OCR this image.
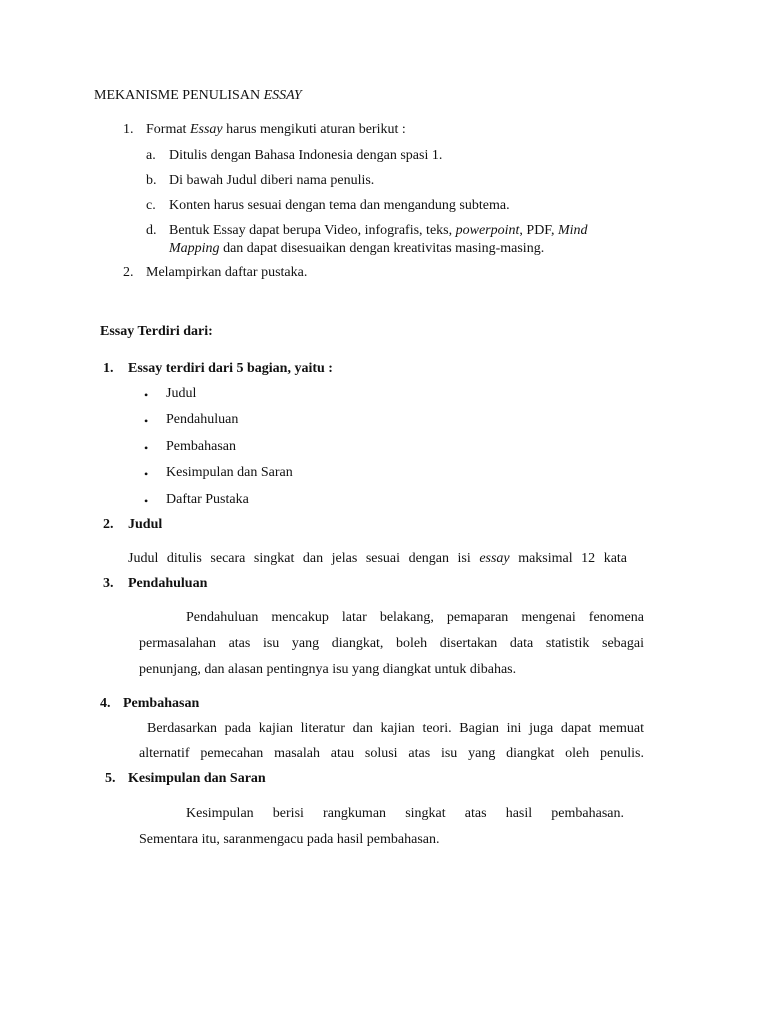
MEKANISME PENULISAN ESSAY
1. Format Essay harus mengikuti aturan berikut :
a. Ditulis dengan Bahasa Indonesia dengan spasi 1.
b. Di bawah Judul diberi nama penulis.
c. Konten harus sesuai dengan tema dan mengandung subtema.
d. Bentuk Essay dapat berupa Video, infografis, teks, powerpoint, PDF, Mind
Mapping dan dapat disesuaikan dengan kreativitas masing-masing.
2. Melampirkan daftar pustaka.
Essay Terdiri dari:
1. Essay terdiri dari 5 bagian, yaitu :
• Judul
• Pendahuluan
• Pembahasan
• Kesimpulan dan Saran
• Daftar Pustaka
2. Judul
Judul ditulis secara singkat dan jelas sesuai dengan isi essay maksimal 12 kata
3. Pendahuluan
Pendahuluan mencakup latar belakang, pemaparan mengenai fenomena
permasalahan atas isu yang diangkat, boleh disertakan data statistik sebagai
penunjang, dan alasan pentingnya isu yang diangkat untuk dibahas.
4. Pembahasan
Berdasarkan pada kajian literatur dan kajian teori. Bagian ini juga dapat memuat
alternatif pemecahan masalah atau solusi atas isu yang diangkat oleh penulis.
5. Kesimpulan dan Saran
Kesimpulan berisi rangkuman singkat atas hasil pembahasan.
Sementara itu, saranmengacu pada hasil pembahasan.
